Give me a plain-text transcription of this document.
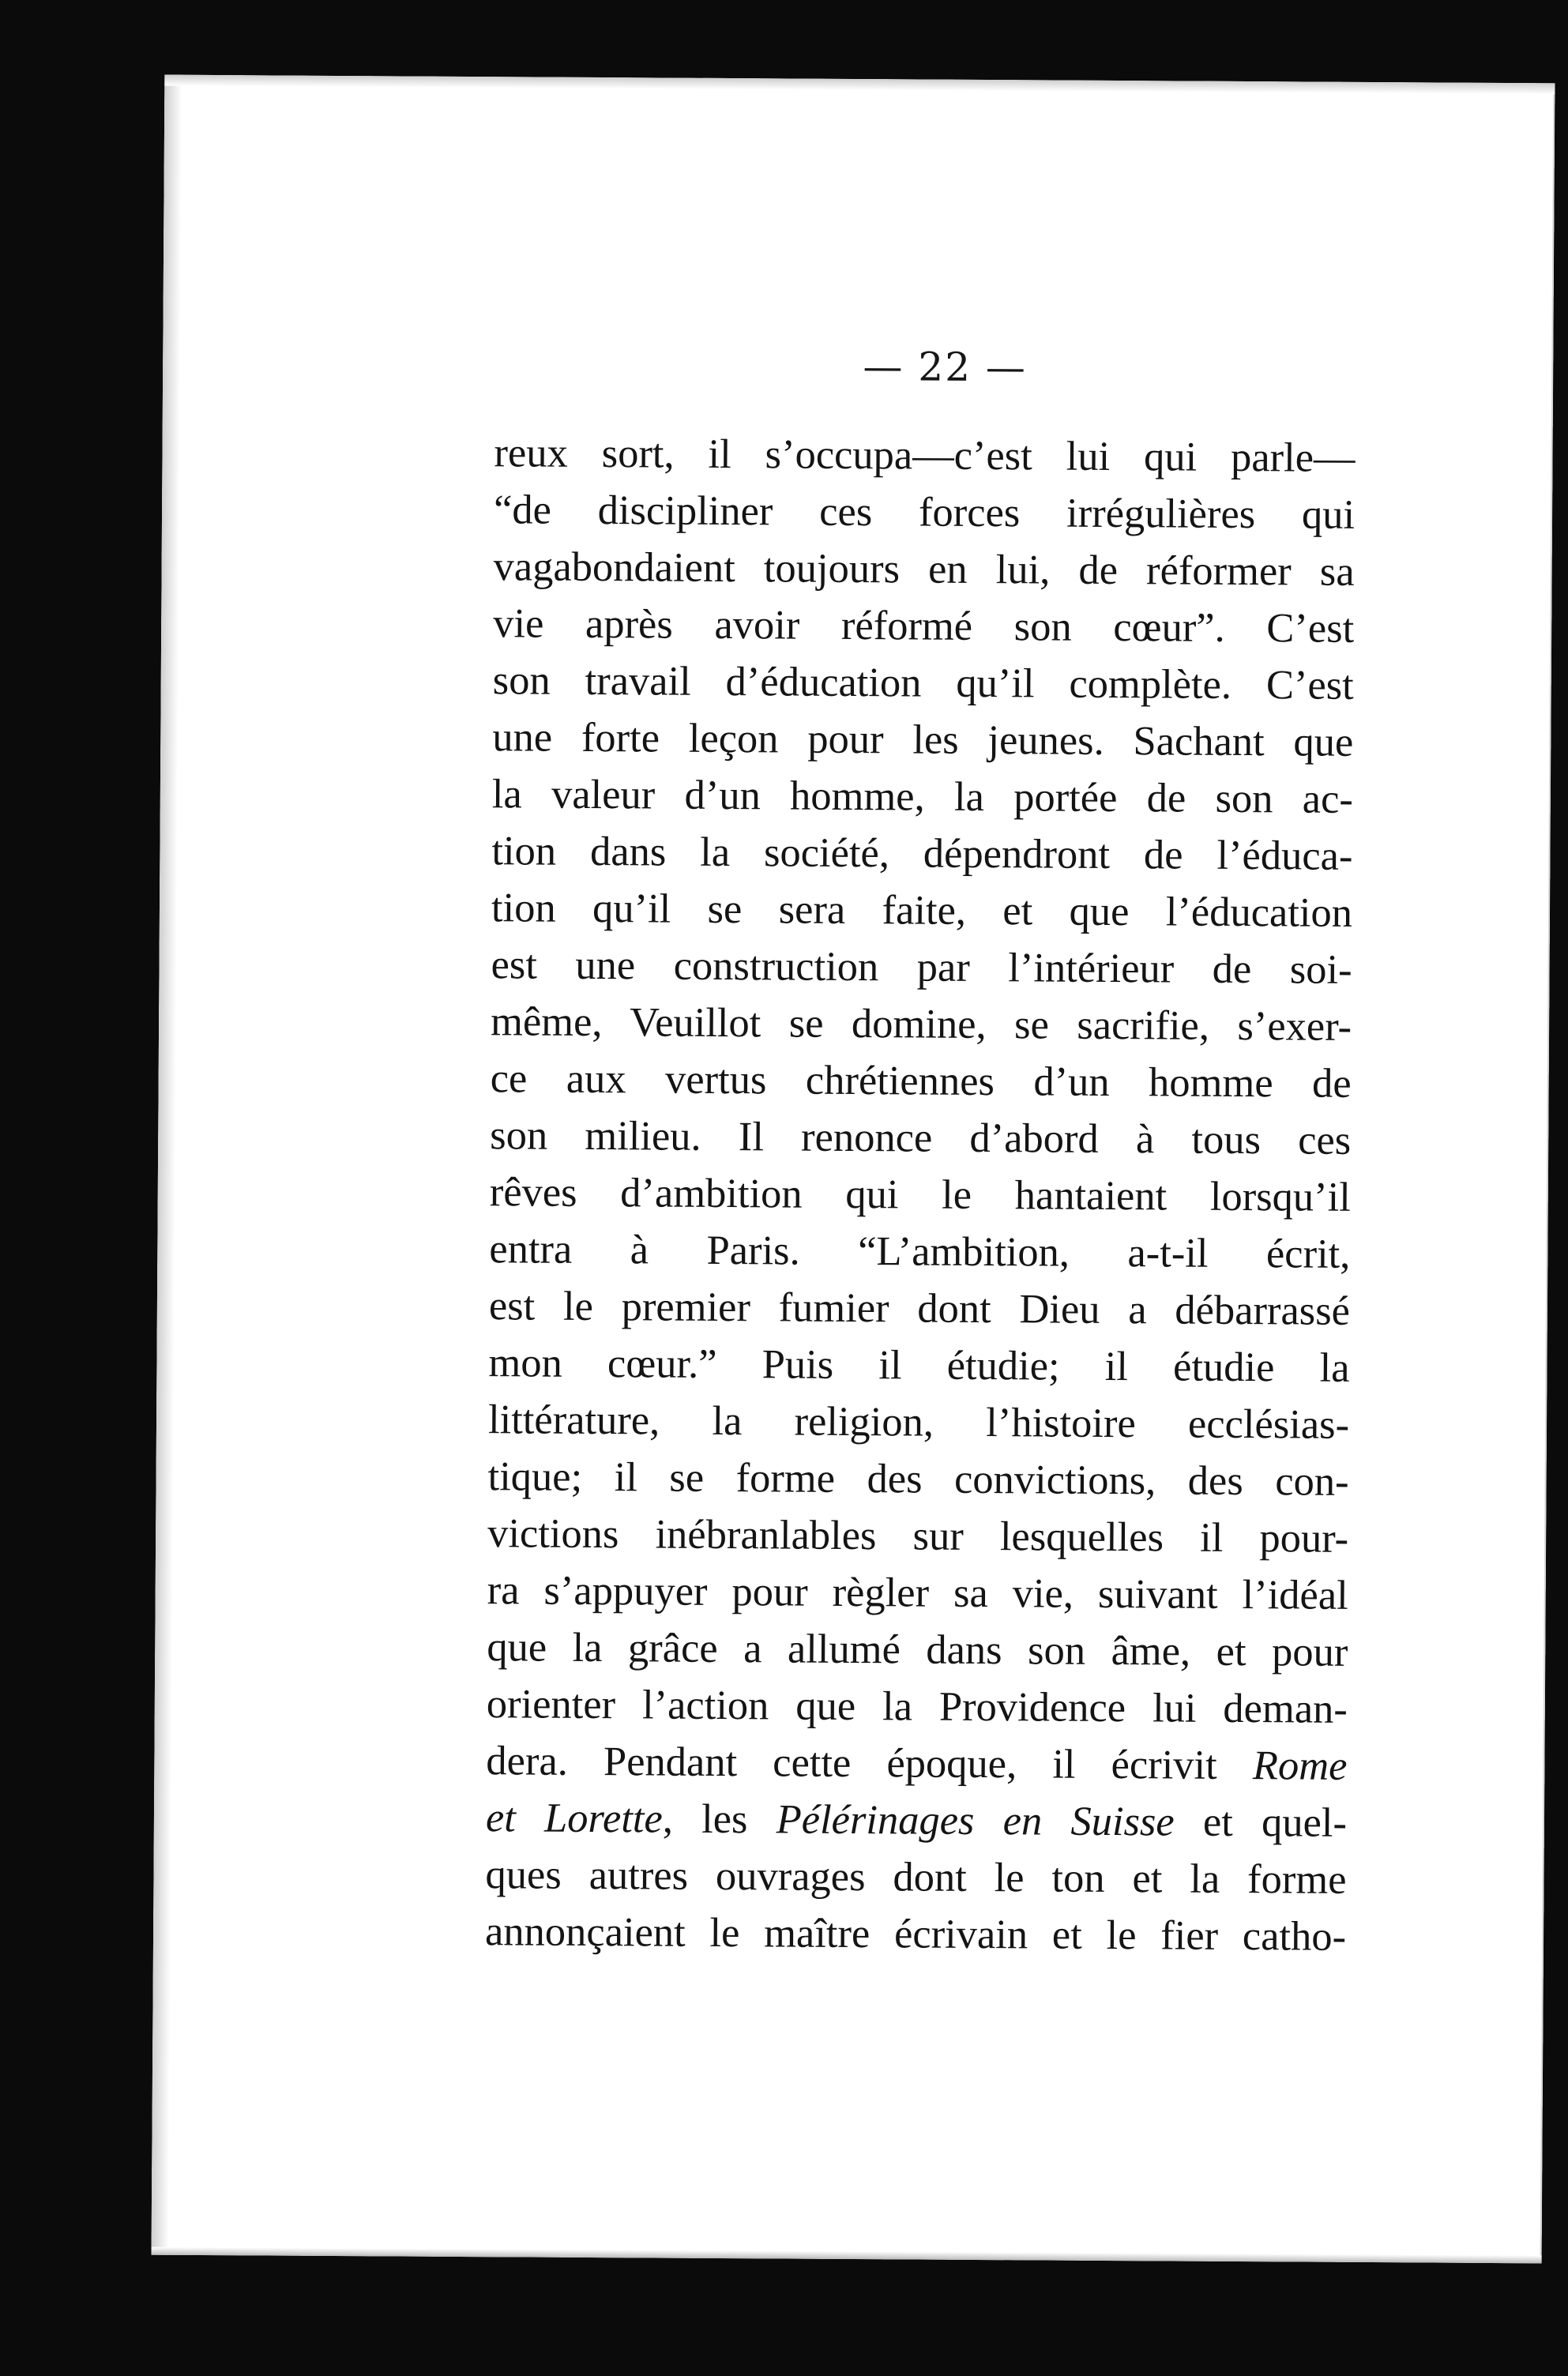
— 22 —
reux sort, il s’occupa—c’est lui qui parle—
“de discipliner ces forces irrégulières qui
vagabondaient toujours en lui, de réformer sa
vie après avoir réformé son cœur”. C’est
son travail d’éducation qu’il complète. C’est
une forte leçon pour les jeunes. Sachant que
la valeur d’un homme, la portée de son ac-
tion dans la société, dépendront de l’éduca-
tion qu’il se sera faite, et que l’éducation
est une construction par l’intérieur de soi-
même, Veuillot se domine, se sacrifie, s’exer-
ce aux vertus chrétiennes d’un homme de
son milieu. Il renonce d’abord à tous ces
rêves d’ambition qui le hantaient lorsqu’il
entra à Paris. “L’ambition, a-t-il écrit,
est le premier fumier dont Dieu a débarrassé
mon cœur.” Puis il étudie; il étudie la
littérature, la religion, l’histoire ecclésias-
tique; il se forme des convictions, des con-
victions inébranlables sur lesquelles il pour-
ra s’appuyer pour règler sa vie, suivant l’idéal
que la grâce a allumé dans son âme, et pour
orienter l’action que la Providence lui deman-
dera. Pendant cette époque, il écrivit Rome
et Lorette, les Pélérinages en Suisse et quel-
ques autres ouvrages dont le ton et la forme
annonçaient le maître écrivain et le fier catho-
